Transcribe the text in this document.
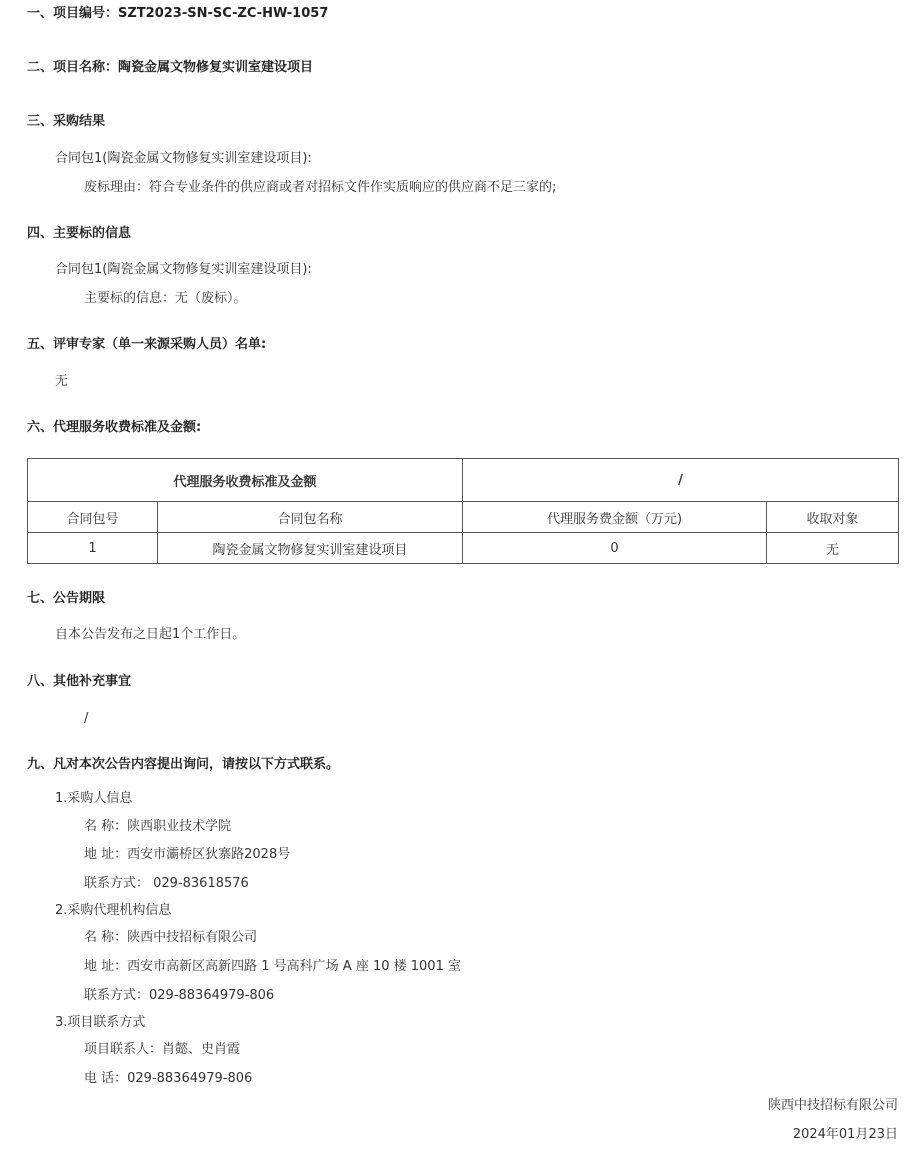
一、项目编号：SZT2023-SN-SC-ZC-HW-1057
二、项目名称：陶瓷金属文物修复实训室建设项目
三、采购结果
合同包1(陶瓷金属文物修复实训室建设项目):
废标理由：符合专业条件的供应商或者对招标文件作实质响应的供应商不足三家的;
四、主要标的信息
合同包1(陶瓷金属文物修复实训室建设项目):
主要标的信息：无（废标）。
五、评审专家（单一来源采购人员）名单:
无
六、代理服务收费标准及金额:
代理服务收费标准及金额		/	
合同包号	合同包名称	代理服务费金额（万元)	收取对象
1	陶瓷金属文物修复实训室建设项目	0	无
七、公告期限
自本公告发布之日起1个工作日。
八、其他补充事宜
/
九、凡对本次公告内容提出询问，请按以下方式联系。
1.采购人信息
名 称：陕西职业技术学院
地 址：西安市灞桥区狄寨路2028号
联系方式： 029-83618576
2.采购代理机构信息
名 称：陕西中技招标有限公司
地 址：西安市高新区高新四路 1 号高科广场 A 座 10 楼 1001 室
联系方式：029-88364979-806
3.项目联系方式
项目联系人：肖懿、史肖霞
电 话：029-88364979-806
陕西中技招标有限公司
2024年01月23日
